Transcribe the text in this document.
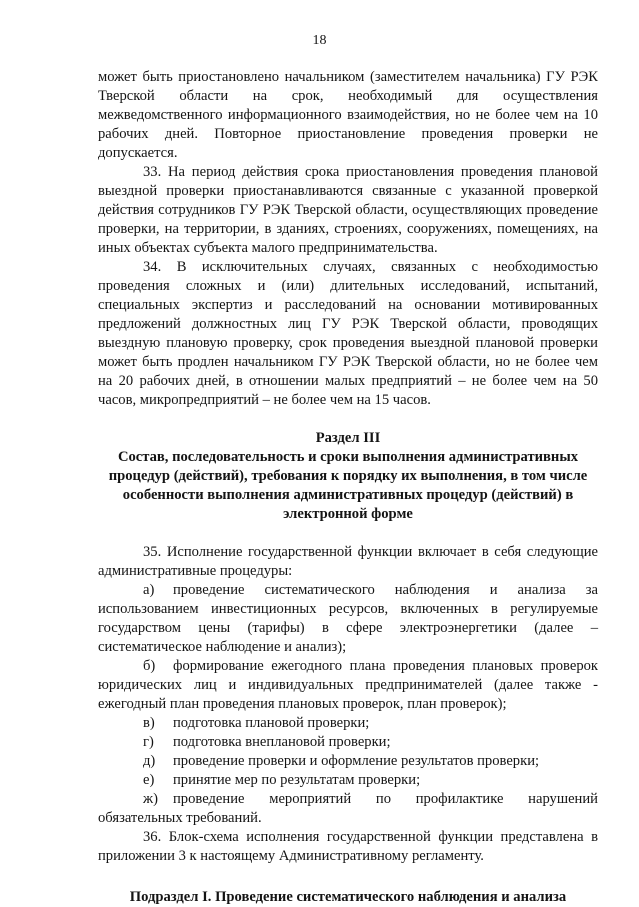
18

может быть приостановлено начальником (заместителем начальника) ГУ РЭК Тверской области на срок, необходимый для осуществления межведомственного информационного взаимодействия, но не более чем на 10 рабочих дней. Повторное приостановление проведения проверки не допускается.

33. На период действия срока приостановления проведения плановой выездной проверки приостанавливаются связанные с указанной проверкой действия сотрудников ГУ РЭК Тверской области, осуществляющих проведение проверки, на территории, в зданиях, строениях, сооружениях, помещениях, на иных объектах субъекта малого предпринимательства.

34. В исключительных случаях, связанных с необходимостью проведения сложных и (или) длительных исследований, испытаний, специальных экспертиз и расследований на основании мотивированных предложений должностных лиц ГУ РЭК Тверской области, проводящих выездную плановую проверку, срок проведения выездной плановой проверки может быть продлен начальником ГУ РЭК Тверской области, но не более чем на 20 рабочих дней, в отношении малых предприятий – не более чем на 50 часов, микропредприятий – не более чем на 15 часов.

Раздел III
Состав, последовательность и сроки выполнения административных процедур (действий), требования к порядку их выполнения, в том числе особенности выполнения административных процедур (действий) в электронной форме

35. Исполнение государственной функции включает в себя следующие административные процедуры:

а) проведение систематического наблюдения и анализа за использованием инвестиционных ресурсов, включенных в регулируемые государством цены (тарифы) в сфере электроэнергетики (далее – систематическое наблюдение и анализ);

б) формирование ежегодного плана проведения плановых проверок юридических лиц и индивидуальных предпринимателей (далее также - ежегодный план проведения плановых проверок, план проверок);

в) подготовка плановой проверки;

г) подготовка внеплановой проверки;

д) проведение проверки и оформление результатов проверки;

е) принятие мер по результатам проверки;

ж) проведение мероприятий по профилактике нарушений обязательных требований.

36. Блок-схема исполнения государственной функции представлена в приложении 3 к настоящему Административному регламенту.

Подраздел I. Проведение систематического наблюдения и анализа
